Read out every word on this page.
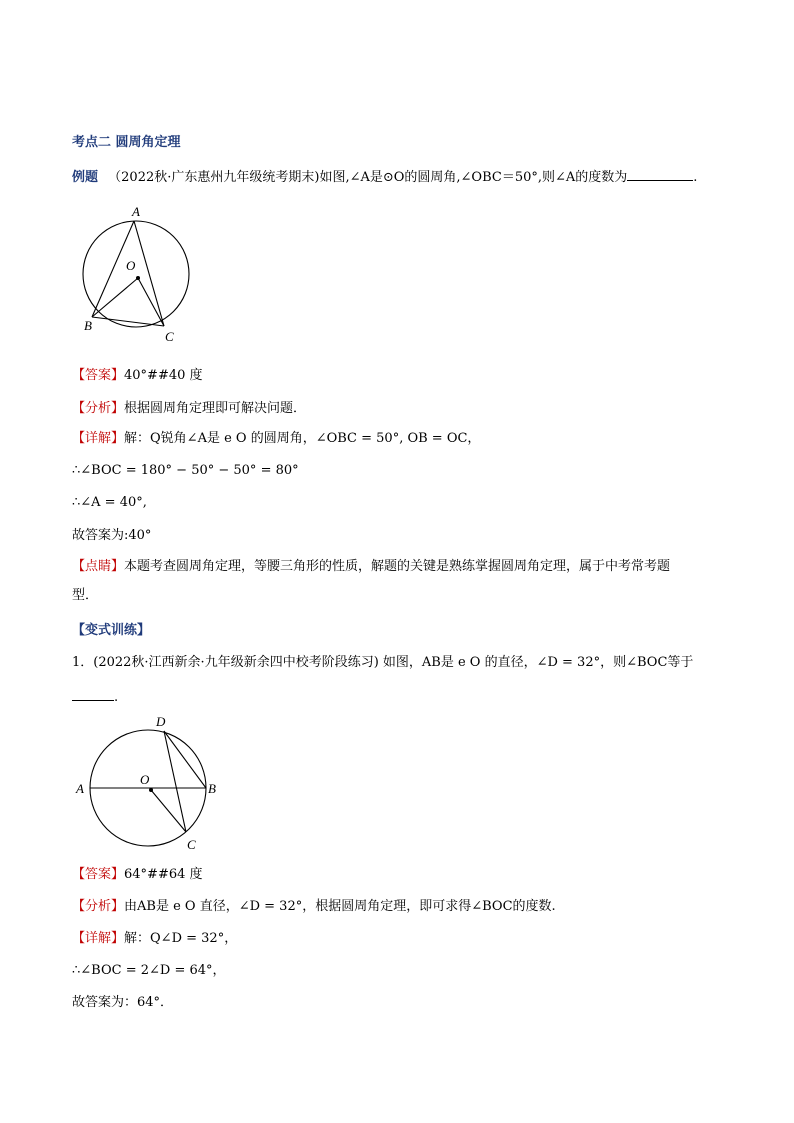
考点二 圆周角定理
例题 （2022秋·广东惠州九年级统考期末)如图,∠A是⊙O的圆周角,∠OBC＝50°,则∠A的度数为	.
A
O
B
C
【答案】40°##40 度
【分析】根据圆周角定理即可解决问题．
【详解】解：Q锐角∠A是 e O 的圆周角，∠OBC = 50°, OB = OC，
∴∠BOC = 180° − 50° − 50° = 80°
∴∠A = 40°,
故答案为:40°
【点睛】本题考查圆周角定理，等腰三角形的性质，解题的关键是熟练掌握圆周角定理，属于中考常考题
型．
【变式训练】
1．(2022秋·江西新余·九年级新余四中校考阶段练习) 如图，AB是 e O 的直径，∠D = 32°，则∠BOC等于
.
D
A
O
B
C
【答案】64°##64 度
【分析】由AB是 e O 直径，∠D = 32°，根据圆周角定理，即可求得∠BOC的度数.
【详解】解：Q∠D = 32°，
∴∠BOC = 2∠D = 64°，
故答案为：64°．
